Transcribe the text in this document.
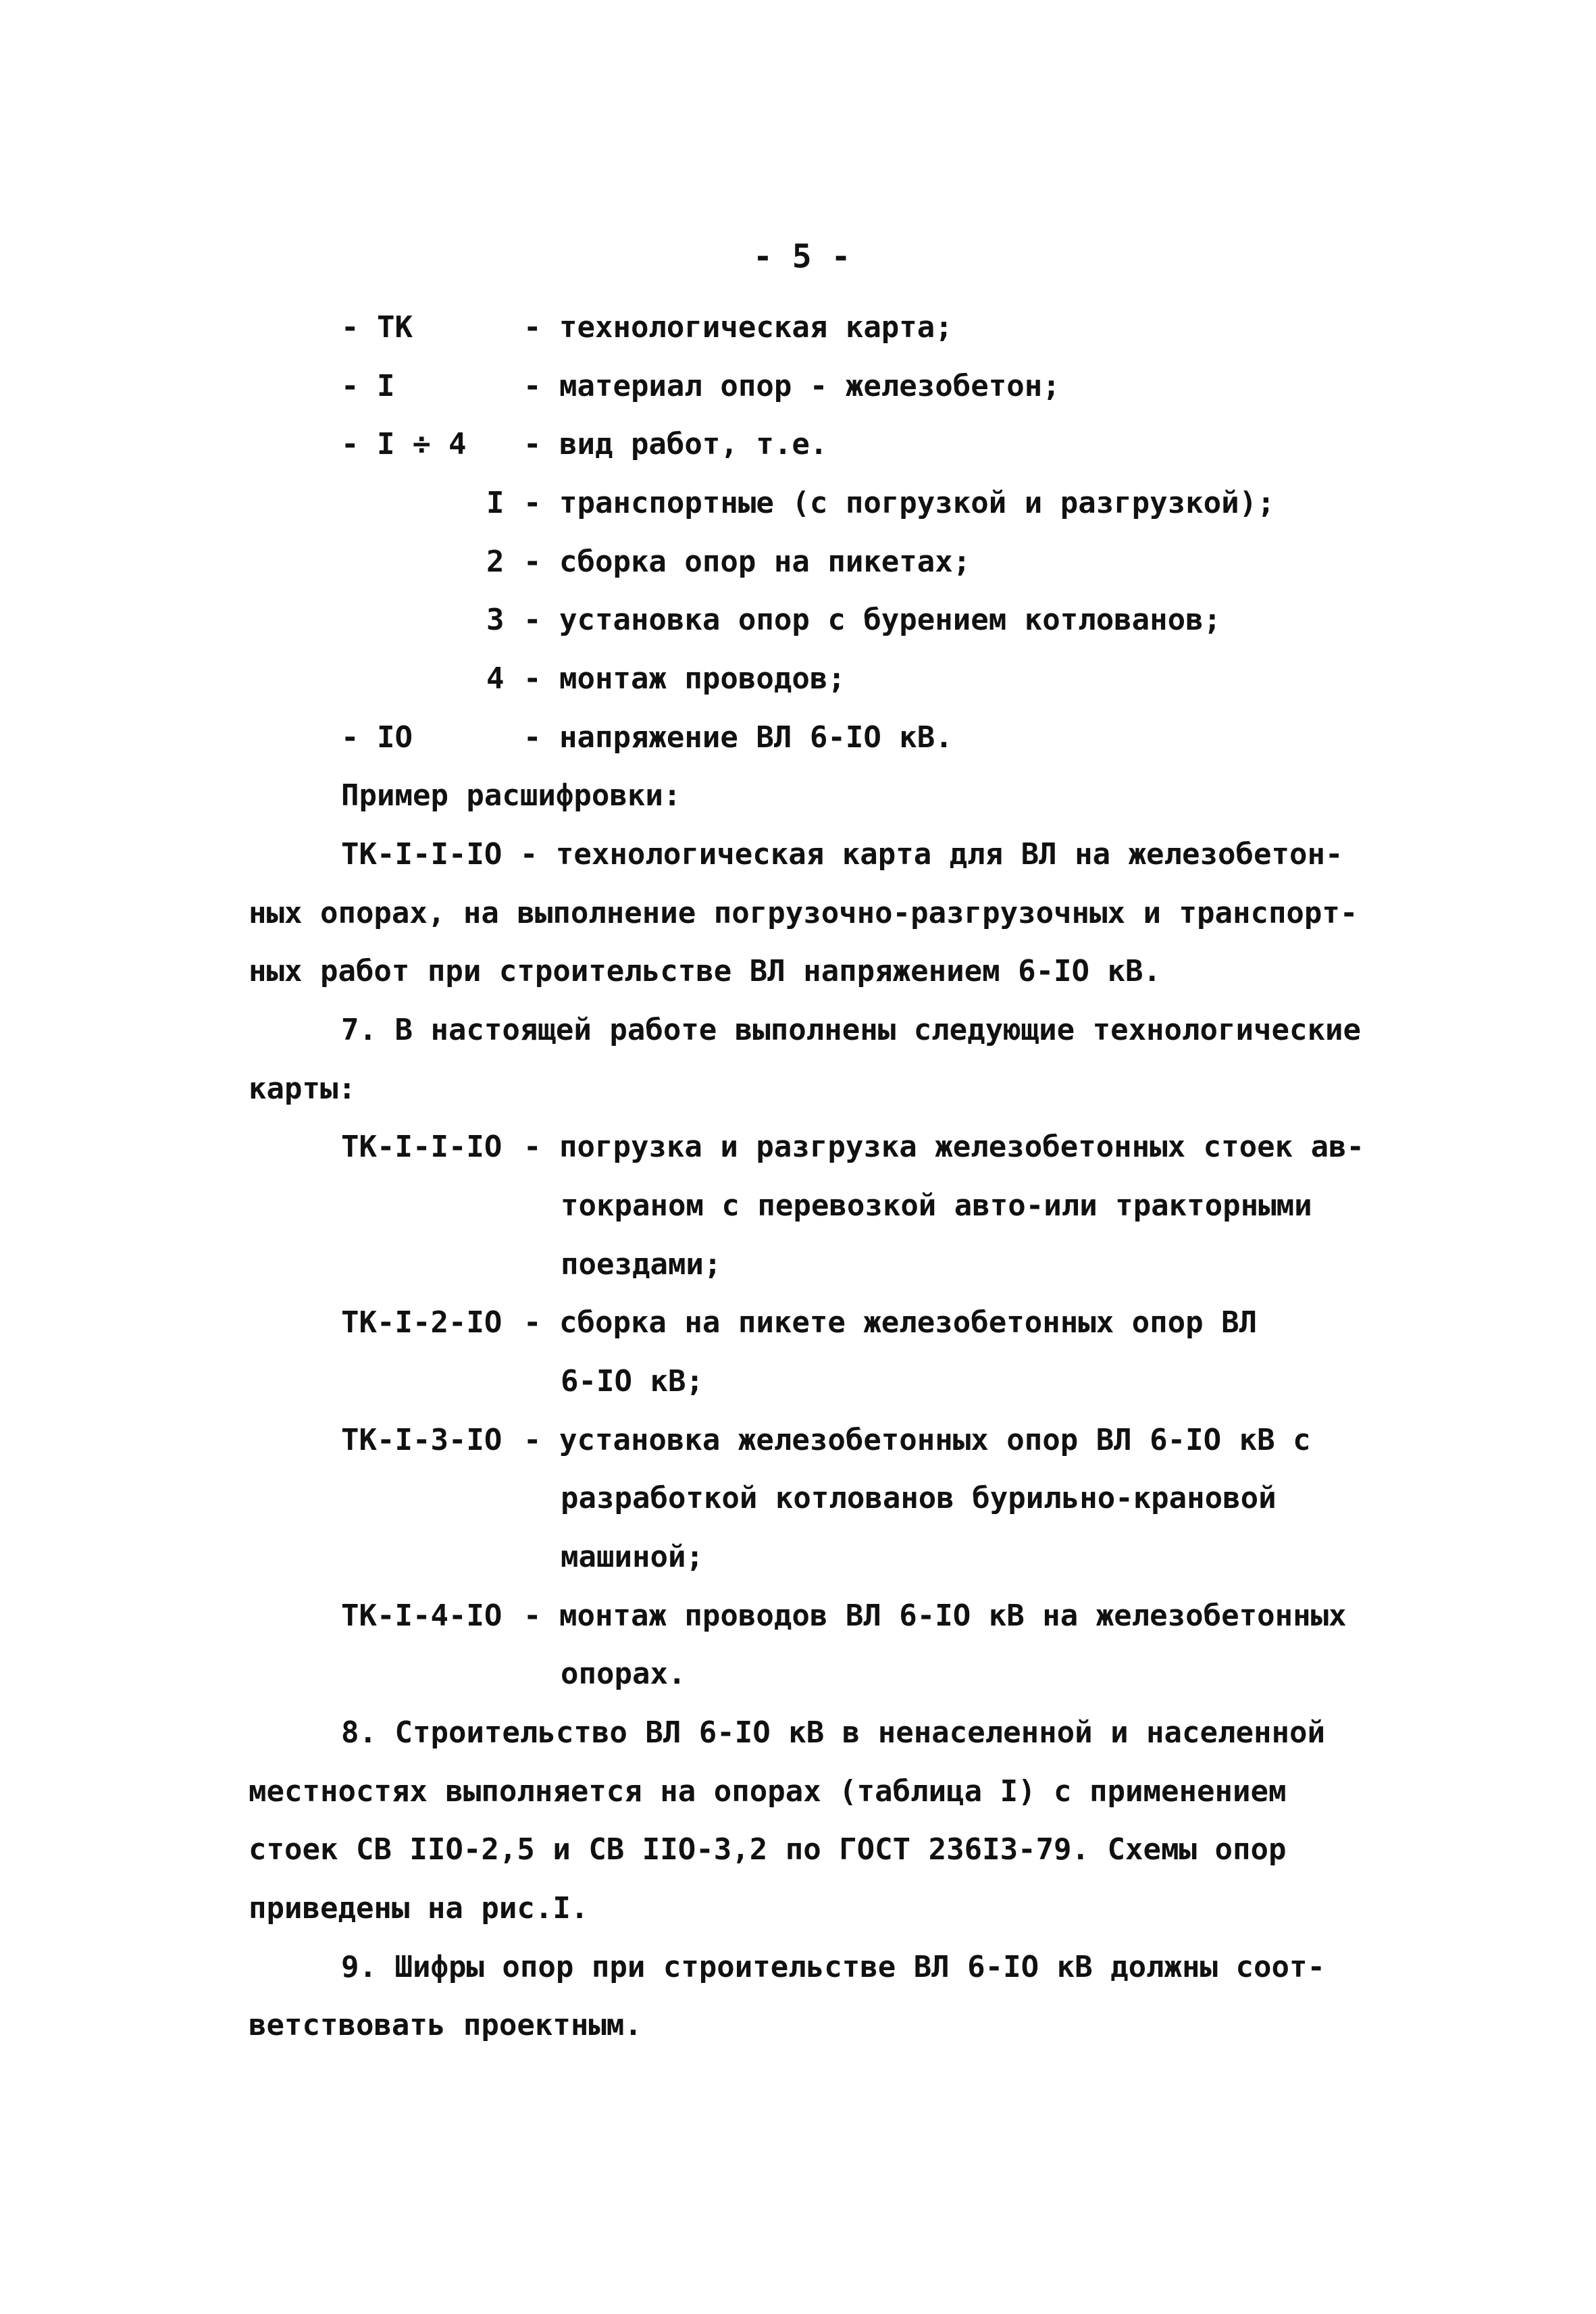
- 5 -
- ТК	- технологическая карта;
- I	- материал опор - железобетон;
- I ÷ 4 - вид работ, т.е.
I - транспортные (с погрузкой и разгрузкой);
2 - сборка опор на пикетах;
3 - установка опор с бурением котлованов;
4 - монтаж проводов;
- IO	- напряжение ВЛ 6-IO кВ.
Пример расшифровки:
ТК-I-I-IO - технологическая карта для ВЛ на железобетон-
ных опорах, на выполнение погрузочно-разгрузочных и транспорт-
ных работ при строительстве ВЛ напряжением 6-IO кВ.
7. В настоящей работе выполнены следующие технологические
карты:
ТК-I-I-IO - погрузка и разгрузка железобетонных стоек ав-
токраном с перевозкой авто-или тракторными
поездами;
ТК-I-2-IO - сборка на пикете железобетонных опор ВЛ
6-IO кВ;
ТК-I-3-IO - установка железобетонных опор ВЛ 6-IO кВ с
разработкой котлованов бурильно-крановой
машиной;
ТК-I-4-IO - монтаж проводов ВЛ 6-IO кВ на железобетонных
опорах.
8. Строительство ВЛ 6-IO кВ в ненаселенной и населенной
местностях выполняется на опорах (таблица I) с применением
стоек СВ IIO-2,5 и СВ IIO-3,2 по ГОСТ 236I3-79. Схемы опор
приведены на рис.I.
9. Шифры опор при строительстве ВЛ 6-IO кВ должны соот-
ветствовать проектным.
